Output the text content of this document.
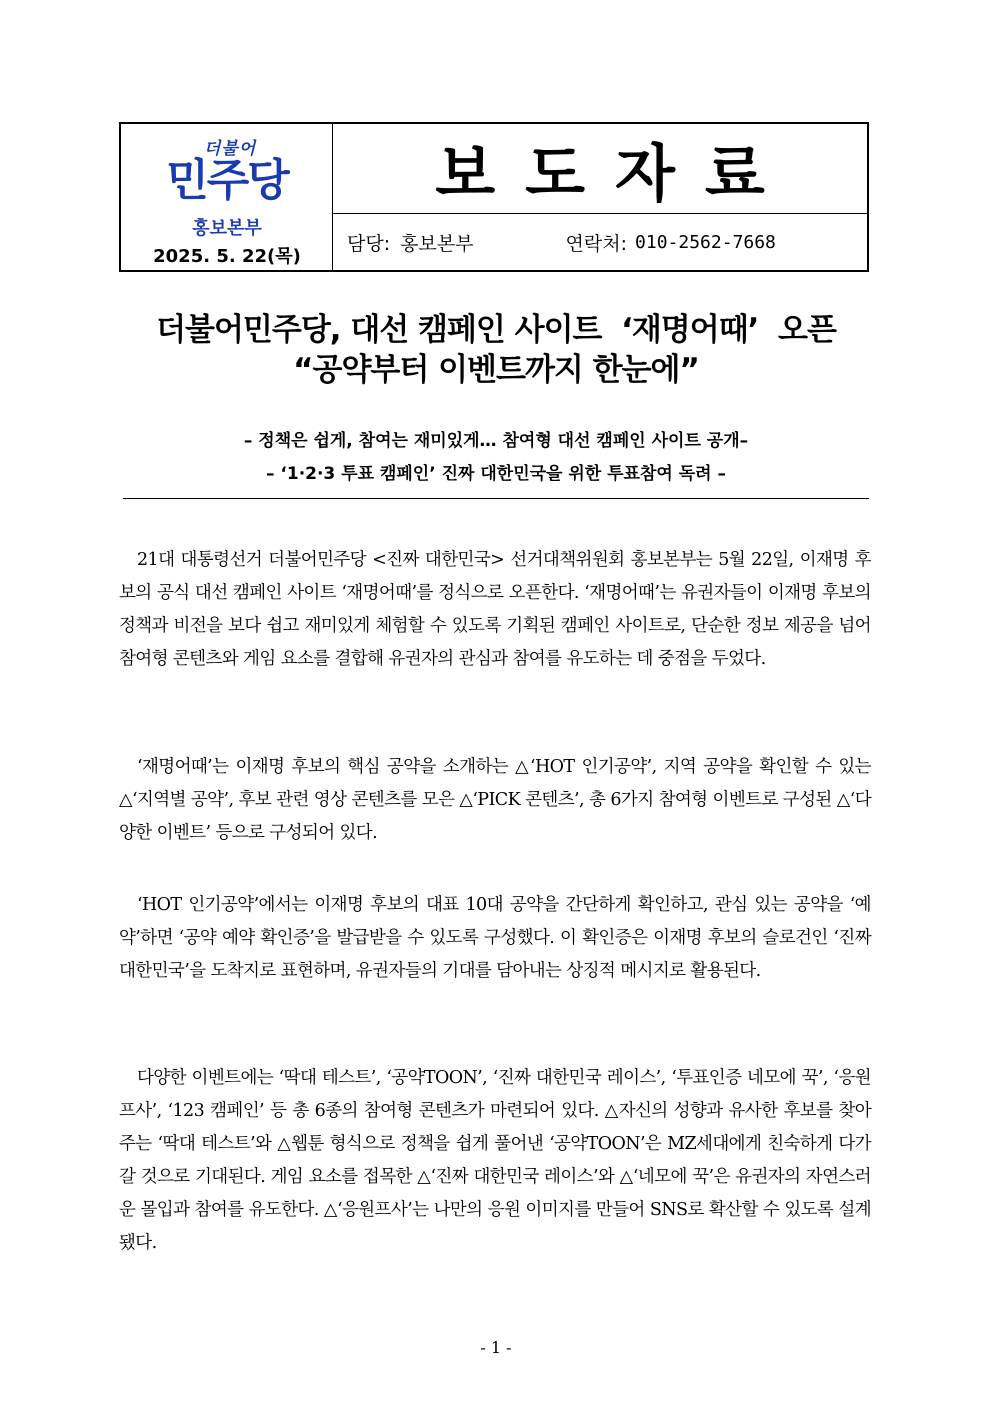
더불어
민주당
홍보본부
2025. 5. 22(목)
보도자료
담당: 홍보본부	연락처: 010-2562-7668
더불어민주당, 대선 캠페인 사이트  ‘재명어때’  오픈
“공약부터 이벤트까지 한눈에”
– 정책은 쉽게, 참여는 재미있게… 참여형 대선 캠페인 사이트 공개–
– ‘1·2·3 투표 캠페인’ 진짜 대한민국을 위한 투표참여 독려 –

21대 대통령선거 더불어민주당 <진짜 대한민국> 선거대책위원회 홍보본부는 5월 22일, 이재명 후보의 공식 대선 캠페인 사이트 ‘재명어때’를 정식으로 오픈한다. ‘재명어때’는 유권자들이 이재명 후보의 정책과 비전을 보다 쉽고 재미있게 체험할 수 있도록 기획된 캠페인 사이트로, 단순한 정보 제공을 넘어 참여형 콘텐츠와 게임 요소를 결합해 유권자의 관심과 참여를 유도하는 데 중점을 두었다.

‘재명어때’는 이재명 후보의 핵심 공약을 소개하는 △‘HOT 인기공약’, 지역 공약을 확인할 수 있는 △‘지역별 공약’, 후보 관련 영상 콘텐츠를 모은 △‘PICK 콘텐츠’, 총 6가지 참여형 이벤트로 구성된 △‘다양한 이벤트’ 등으로 구성되어 있다.

‘HOT 인기공약’에서는 이재명 후보의 대표 10대 공약을 간단하게 확인하고, 관심 있는 공약을 ‘예약’하면 ‘공약 예약 확인증’을 발급받을 수 있도록 구성했다. 이 확인증은 이재명 후보의 슬로건인 ‘진짜 대한민국’을 도착지로 표현하며, 유권자들의 기대를 담아내는 상징적 메시지로 활용된다.

다양한 이벤트에는 ‘딱대 테스트’, ‘공약TOON’, ‘진짜 대한민국 레이스’, ‘투표인증 네모에 꾹’, ‘응원프사’, ‘123 캠페인’ 등 총 6종의 참여형 콘텐츠가 마련되어 있다. △자신의 성향과 유사한 후보를 찾아주는 ‘딱대 테스트’와 △웹툰 형식으로 정책을 쉽게 풀어낸 ‘공약TOON’은 MZ세대에게 친숙하게 다가갈 것으로 기대된다. 게임 요소를 접목한 △‘진짜 대한민국 레이스’와 △‘네모에 꾹’은 유권자의 자연스러운 몰입과 참여를 유도한다. △‘응원프사’는 나만의 응원 이미지를 만들어 SNS로 확산할 수 있도록 설계됐다.

- 1 -
